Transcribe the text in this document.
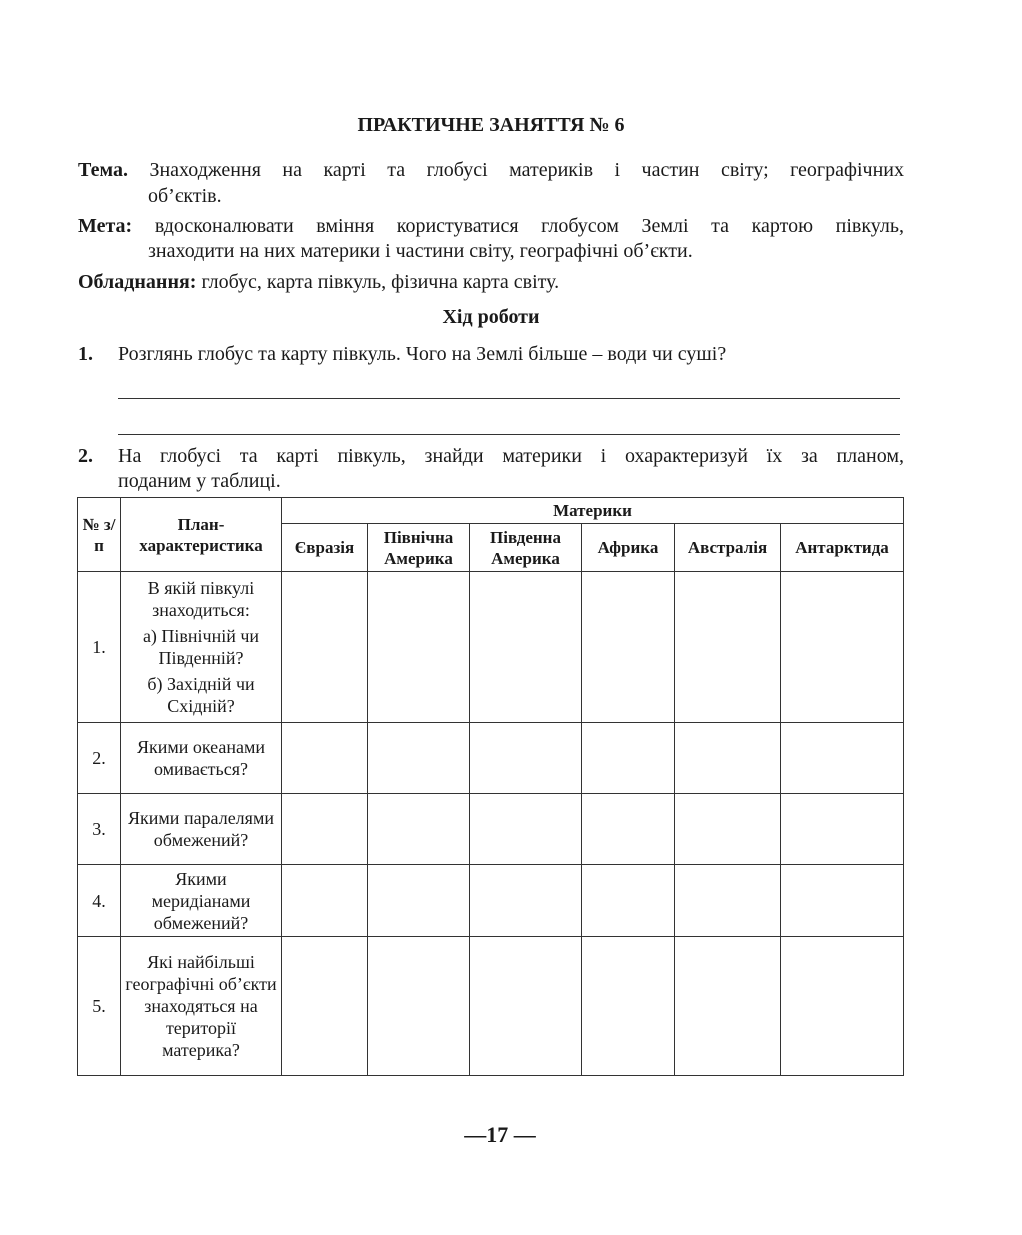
ПРАКТИЧНЕ ЗАНЯТТЯ № 6
Тема. Знаходження на карті та глобусі материків і частин світу; географічних
об’єктів.
Мета: вдосконалювати вміння користуватися глобусом Землі та картою півкуль,
знаходити на них материки і частини світу, географічні об’єкти.
Обладнання: глобус, карта півкуль, фізична карта світу.
Хід роботи
1. Розглянь глобус та карту півкуль. Чого на Землі більше – води чи суші?
2. На глобусі та карті півкуль, знайди материки і охарактеризуй їх за планом,
поданим у таблиці.
№ з/п	План-характеристика	Материки					
		Євразія	Північна Америка	Південна Америка	Африка	Австралія	Антарктида
1.	В якій півкулі знаходиться:

а) Північній чи Південній?

б) Західній чи Східній?						

2.	Якими океанами омивається?						

3.	Якими паралелями обмежений?						

4.	Якими меридіанами обмежений?						

5.	Які найбільші географічні об’єкти знаходяться на території материка?						

—17 —
